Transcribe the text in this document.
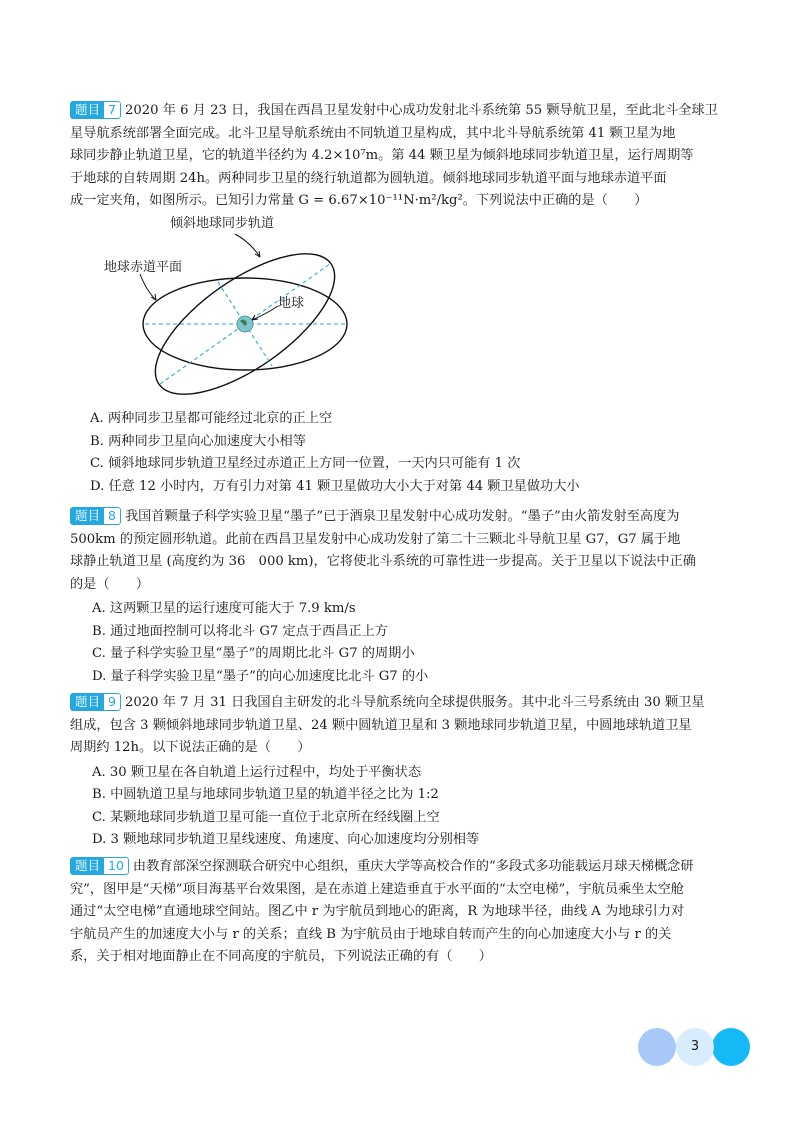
题目 7 2020 年 6 月 23 日，我国在西昌卫星发射中心成功发射北斗系统第 55 颗导航卫星，至此北斗全球卫
星导航系统部署全面完成。北斗卫星导航系统由不同轨道卫星构成，其中北斗导航系统第 41 颗卫星为地
球同步静止轨道卫星，它的轨道半径约为 4.2×10⁷m。第 44 颗卫星为倾斜地球同步轨道卫星，运行周期等
于地球的自转周期 24h。两种同步卫星的绕行轨道都为圆轨道。倾斜地球同步轨道平面与地球赤道平面
成一定夹角，如图所示。已知引力常量 G = 6.67×10⁻¹¹N·m²/kg²。下列说法中正确的是（　　）
倾斜地球同步轨道
地球赤道平面
地球
A. 两种同步卫星都可能经过北京的正上空
B. 两种同步卫星向心加速度大小相等
C. 倾斜地球同步轨道卫星经过赤道正上方同一位置，一天内只可能有 1 次
D. 任意 12 小时内，万有引力对第 41 颗卫星做功大小大于对第 44 颗卫星做功大小
题目 8 我国首颗量子科学实验卫星“墨子”已于酒泉卫星发射中心成功发射。“墨子”由火箭发射至高度为
500km 的预定圆形轨道。此前在西昌卫星发射中心成功发射了第二十三颗北斗导航卫星 G7，G7 属于地
球静止轨道卫星 (高度约为 36　000 km)，它将使北斗系统的可靠性进一步提高。关于卫星以下说法中正确
的是（　　）
A. 这两颗卫星的运行速度可能大于 7.9 km/s
B. 通过地面控制可以将北斗 G7 定点于西昌正上方
C. 量子科学实验卫星“墨子”的周期比北斗 G7 的周期小
D. 量子科学实验卫星“墨子”的向心加速度比北斗 G7 的小
题目 9 2020 年 7 月 31 日我国自主研发的北斗导航系统向全球提供服务。其中北斗三号系统由 30 颗卫星
组成，包含 3 颗倾斜地球同步轨道卫星、24 颗中圆轨道卫星和 3 颗地球同步轨道卫星，中圆地球轨道卫星
周期约 12h。以下说法正确的是（　　）
A. 30 颗卫星在各自轨道上运行过程中，均处于平衡状态
B. 中圆轨道卫星与地球同步轨道卫星的轨道半径之比为 1:2
C. 某颗地球同步轨道卫星可能一直位于北京所在经线圈上空
D. 3 颗地球同步轨道卫星线速度、角速度、向心加速度均分别相等
题目 10 由教育部深空探测联合研究中心组织，重庆大学等高校合作的“多段式多功能载运月球天梯概念研
究”，图甲是“天梯”项目海基平台效果图，是在赤道上建造垂直于水平面的“太空电梯”，宇航员乘坐太空舱
通过“太空电梯”直通地球空间站。图乙中 r 为宇航员到地心的距离，R 为地球半径，曲线 A 为地球引力对
宇航员产生的加速度大小与 r 的关系；直线 B 为宇航员由于地球自转而产生的向心加速度大小与 r 的关
系，关于相对地面静止在不同高度的宇航员，下列说法正确的有（　　）
3
